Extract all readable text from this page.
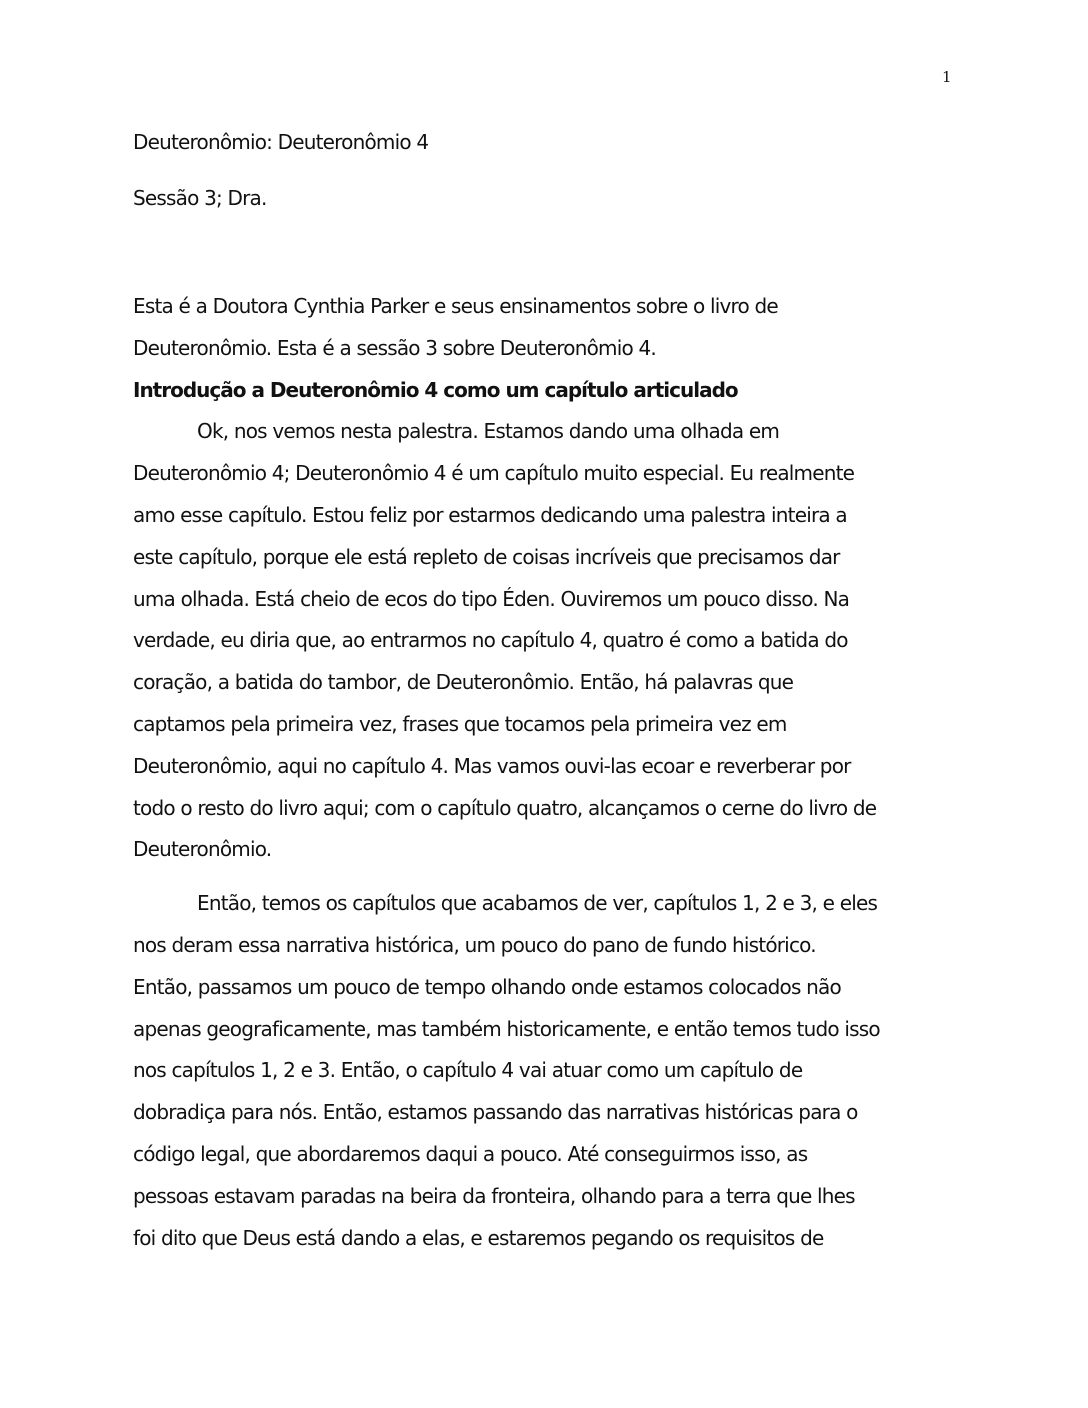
1
Deuteronômio: Deuteronômio 4
Sessão 3; Dra.
Esta é a Doutora Cynthia Parker e seus ensinamentos sobre o livro de
Deuteronômio. Esta é a sessão 3 sobre Deuteronômio 4.
Introdução a Deuteronômio 4 como um capítulo articulado
Ok, nos vemos nesta palestra. Estamos dando uma olhada em
Deuteronômio 4; Deuteronômio 4 é um capítulo muito especial. Eu realmente
amo esse capítulo. Estou feliz por estarmos dedicando uma palestra inteira a
este capítulo, porque ele está repleto de coisas incríveis que precisamos dar
uma olhada. Está cheio de ecos do tipo Éden. Ouviremos um pouco disso. Na
verdade, eu diria que, ao entrarmos no capítulo 4, quatro é como a batida do
coração, a batida do tambor, de Deuteronômio. Então, há palavras que
captamos pela primeira vez, frases que tocamos pela primeira vez em
Deuteronômio, aqui no capítulo 4. Mas vamos ouvi-las ecoar e reverberar por
todo o resto do livro aqui; com o capítulo quatro, alcançamos o cerne do livro de
Deuteronômio.
Então, temos os capítulos que acabamos de ver, capítulos 1, 2 e 3, e eles
nos deram essa narrativa histórica, um pouco do pano de fundo histórico.
Então, passamos um pouco de tempo olhando onde estamos colocados não
apenas geograficamente, mas também historicamente, e então temos tudo isso
nos capítulos 1, 2 e 3. Então, o capítulo 4 vai atuar como um capítulo de
dobradiça para nós. Então, estamos passando das narrativas históricas para o
código legal, que abordaremos daqui a pouco. Até conseguirmos isso, as
pessoas estavam paradas na beira da fronteira, olhando para a terra que lhes
foi dito que Deus está dando a elas, e estaremos pegando os requisitos de
